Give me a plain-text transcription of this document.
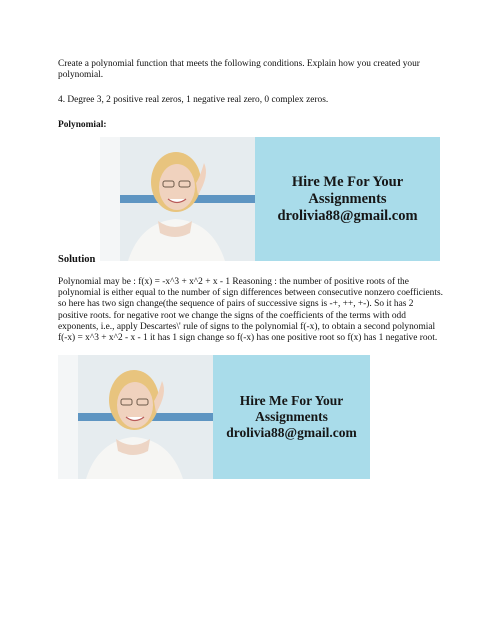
Create a polynomial function that meets the following conditions. Explain how you created your polynomial.

4. Degree 3, 2 positive real zeros, 1 negative real zero, 0 complex zeros.

Polynomial:

Hire Me For Your
Assignments
drolivia88@gmail.com

Solution

Polynomial may be : f(x) = -x^3 + x^2 + x - 1 Reasoning : the number of positive roots of the polynomial is either equal to the number of sign differences between consecutive nonzero coefficients. so here has two sign change(the sequence of pairs of successive signs is -+, ++, +-). So it has 2 positive roots. for negative root we change the signs of the coefficients of the terms with odd exponents, i.e., apply Descartes\' rule of signs to the polynomial f(-x), to obtain a second polynomial f(-x) = x^3 + x^2 - x - 1 it has 1 sign change so f(-x) has one positive root so f(x) has 1 negative root.

Hire Me For Your
Assignments
drolivia88@gmail.com
